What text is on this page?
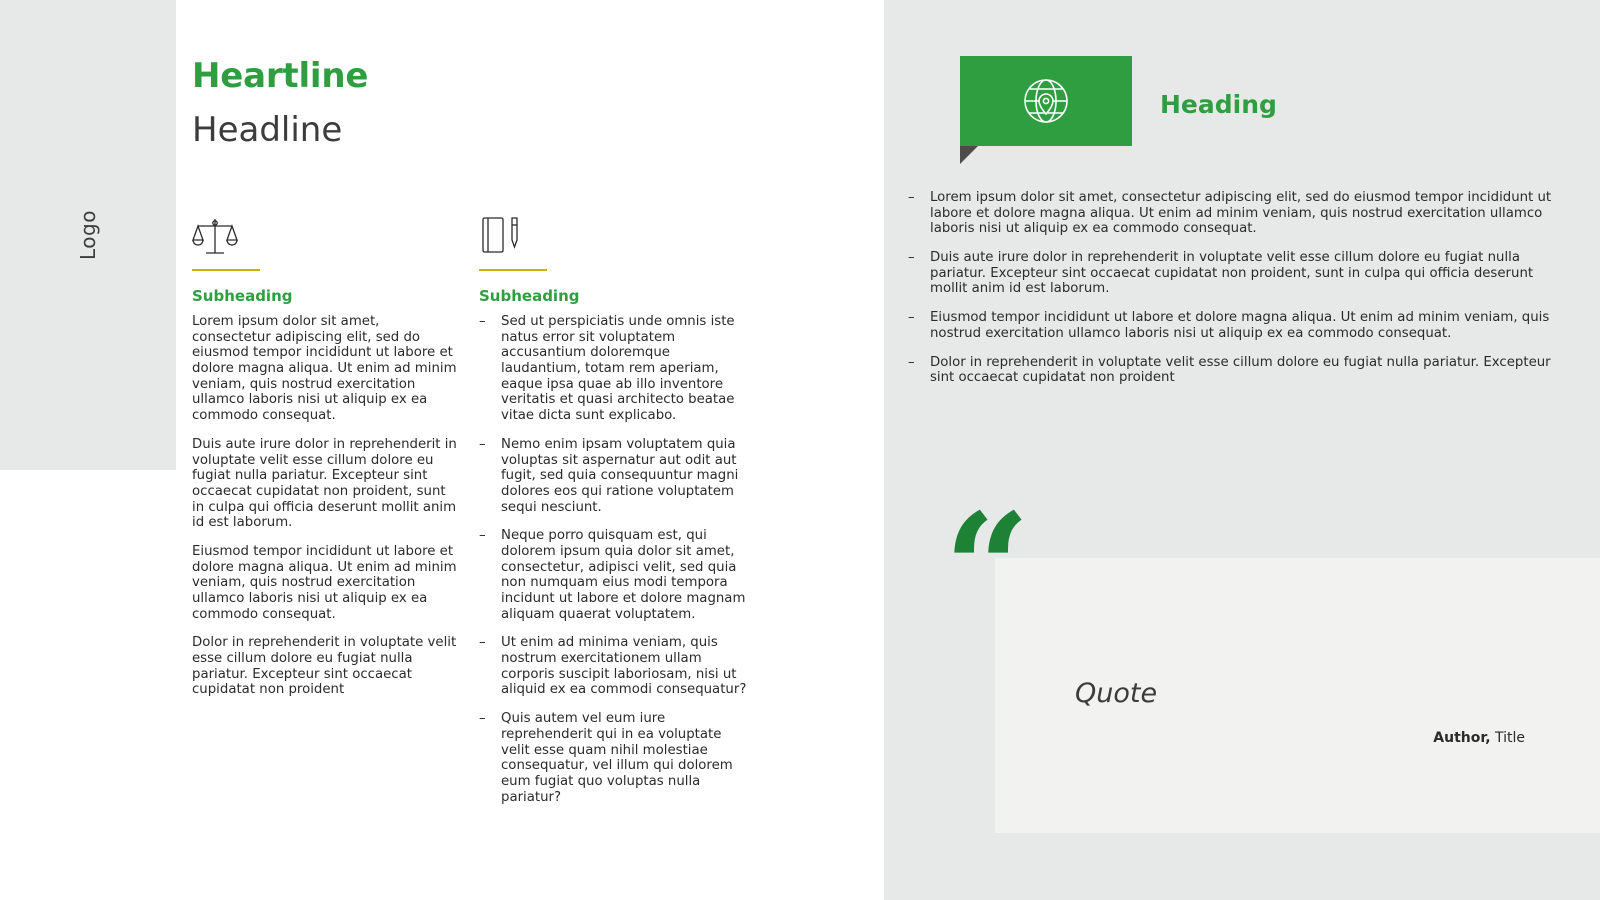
Logo
Heartline
Headline
Subheading

Lorem ipsum dolor sit amet, consectetur adipiscing elit, sed do eiusmod tempor incididunt ut labore et dolore magna aliqua. Ut enim ad minim veniam, quis nostrud exercitation ullamco laboris nisi ut aliquip ex ea commodo consequat.

Duis aute irure dolor in reprehenderit in voluptate velit esse cillum dolore eu fugiat nulla pariatur. Excepteur sint occaecat cupidatat non proident, sunt in culpa qui officia deserunt mollit anim id est laborum.

Eiusmod tempor incididunt ut labore et dolore magna aliqua. Ut enim ad minim veniam, quis nostrud exercitation ullamco laboris nisi ut aliquip ex ea commodo consequat.

Dolor in reprehenderit in voluptate velit esse cillum dolore eu fugiat nulla pariatur. Excepteur sint occaecat cupidatat non proident

Subheading
– Sed ut perspiciatis unde omnis iste natus error sit voluptatem accusantium doloremque laudantium, totam rem aperiam, eaque ipsa quae ab illo inventore veritatis et quasi architecto beatae vitae dicta sunt explicabo.
– Nemo enim ipsam voluptatem quia voluptas sit aspernatur aut odit aut fugit, sed quia consequuntur magni dolores eos qui ratione voluptatem sequi nesciunt.
– Neque porro quisquam est, qui dolorem ipsum quia dolor sit amet, consectetur, adipisci velit, sed quia non numquam eius modi tempora incidunt ut labore et dolore magnam aliquam quaerat voluptatem.
– Ut enim ad minima veniam, quis nostrum exercitationem ullam corporis suscipit laboriosam, nisi ut aliquid ex ea commodi consequatur?
– Quis autem vel eum iure reprehenderit qui in ea voluptate velit esse quam nihil molestiae consequatur, vel illum qui dolorem eum fugiat quo voluptas nulla pariatur?
Heading
– Lorem ipsum dolor sit amet, consectetur adipiscing elit, sed do eiusmod tempor incididunt ut labore et dolore magna aliqua. Ut enim ad minim veniam, quis nostrud exercitation ullamco laboris nisi ut aliquip ex ea commodo consequat.
– Duis aute irure dolor in reprehenderit in voluptate velit esse cillum dolore eu fugiat nulla pariatur. Excepteur sint occaecat cupidatat non proident, sunt in culpa qui officia deserunt mollit anim id est laborum.
– Eiusmod tempor incididunt ut labore et dolore magna aliqua. Ut enim ad minim veniam, quis nostrud exercitation ullamco laboris nisi ut aliquip ex ea commodo consequat.
– Dolor in reprehenderit in voluptate velit esse cillum dolore eu fugiat nulla pariatur. Excepteur sint occaecat cupidatat non proident
“
Quote
Author, Title
